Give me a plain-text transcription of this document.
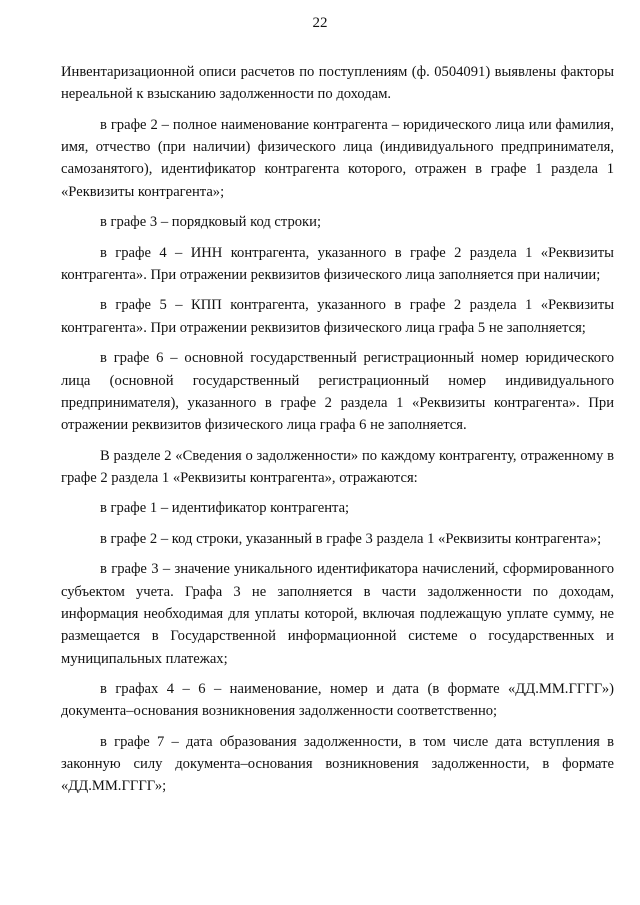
22

Инвентаризационной описи расчетов по поступлениям (ф. 0504091) выявлены факторы нереальной к взысканию задолженности по доходам.

в графе 2 – полное наименование контрагента – юридического лица или фамилия, имя, отчество (при наличии) физического лица (индивидуального предпринимателя, самозанятого), идентификатор контрагента которого, отражен в графе 1 раздела 1 «Реквизиты контрагента»;

в графе 3 – порядковый код строки;

в графе 4 – ИНН контрагента, указанного в графе 2 раздела 1 «Реквизиты контрагента». При отражении реквизитов физического лица заполняется при наличии;

в графе 5 – КПП контрагента, указанного в графе 2 раздела 1 «Реквизиты контрагента». При отражении реквизитов физического лица графа 5 не заполняется;

в графе 6 – основной государственный регистрационный номер юридического лица (основной государственный регистрационный номер индивидуального предпринимателя), указанного в графе 2 раздела 1 «Реквизиты контрагента». При отражении реквизитов физического лица графа 6 не заполняется.

В разделе 2 «Сведения о задолженности» по каждому контрагенту, отраженному в графе 2 раздела 1 «Реквизиты контрагента», отражаются:

в графе 1 – идентификатор контрагента;

в графе 2 – код строки, указанный в графе 3 раздела 1 «Реквизиты контрагента»;

в графе 3 – значение уникального идентификатора начислений, сформированного субъектом учета. Графа 3 не заполняется в части задолженности по доходам, информация необходимая для уплаты которой, включая подлежащую уплате сумму, не размещается в Государственной информационной системе о государственных и муниципальных платежах;

в графах 4 – 6 – наименование, номер и дата (в формате «ДД.ММ.ГГГГ») документа–основания возникновения задолженности соответственно;

в графе 7 – дата образования задолженности, в том числе дата вступления в законную силу документа–основания возникновения задолженности, в формате «ДД.ММ.ГГГГ»;
